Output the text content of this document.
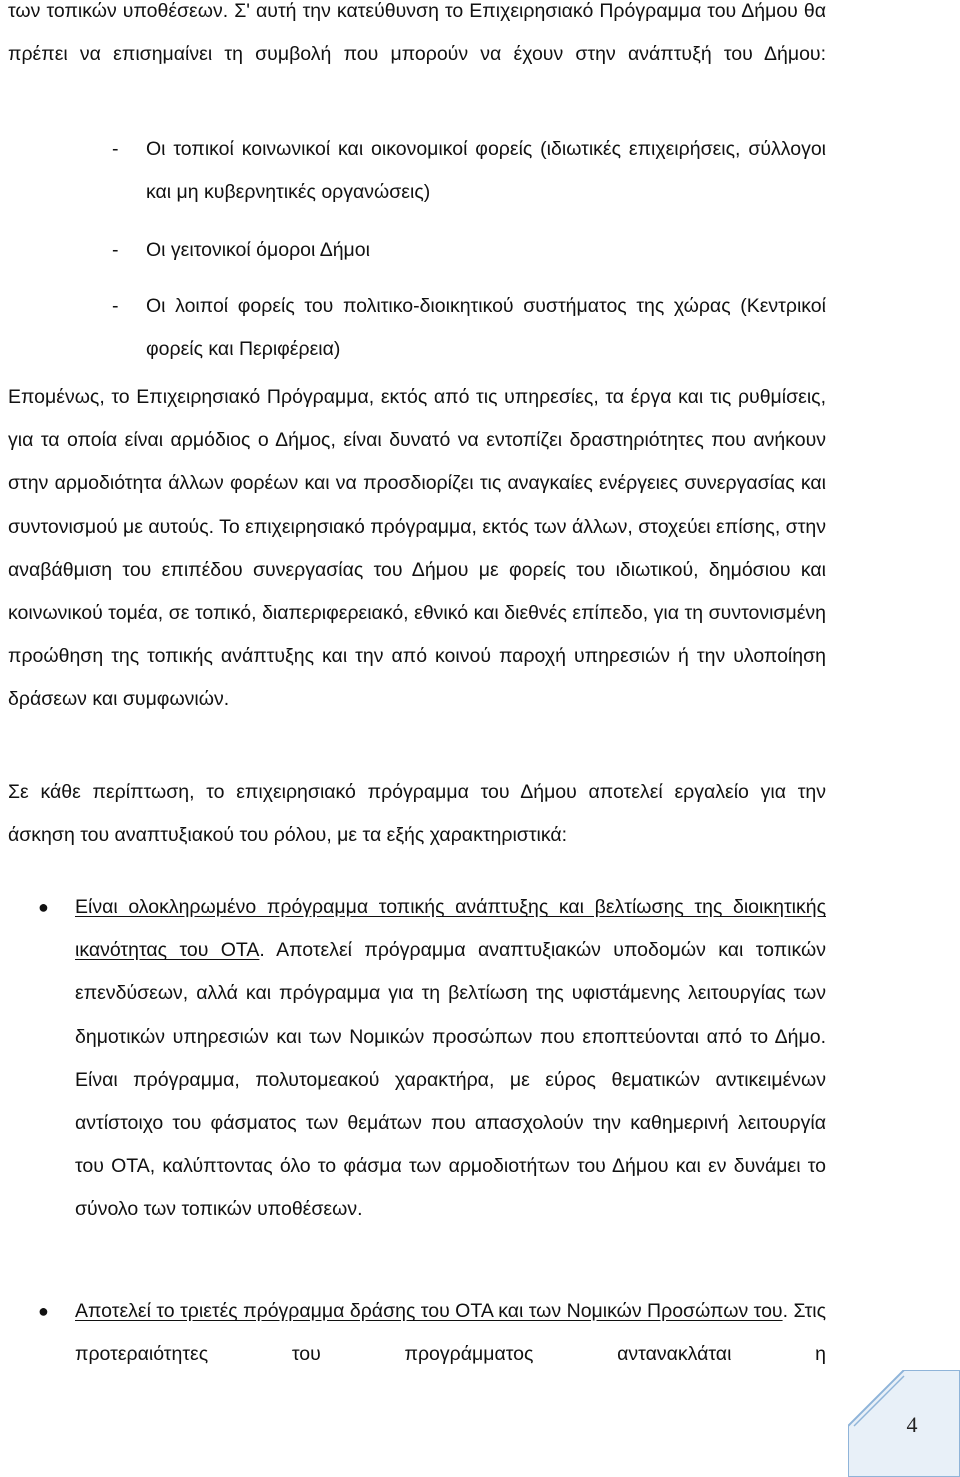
των τοπικών υποθέσεων. Σ' αυτή την κατεύθυνση το Επιχειρησιακό Πρόγραμμα του Δήμου θα πρέπει να επισημαίνει τη συμβολή που μπορούν να έχουν στην ανάπτυξή του Δήμου:
- Οι τοπικοί κοινωνικοί και οικονομικοί φορείς (ιδιωτικές επιχειρήσεις, σύλλογοι και μη κυβερνητικές οργανώσεις)
- Οι γειτονικοί όμοροι Δήμοι
- Οι λοιποί φορείς του πολιτικο-διοικητικού συστήματος της χώρας (Κεντρικοί φορείς και Περιφέρεια)
Επομένως, το Επιχειρησιακό Πρόγραμμα, εκτός από τις υπηρεσίες, τα έργα και τις ρυθμίσεις, για τα οποία είναι αρμόδιος ο Δήμος, είναι δυνατό να εντοπίζει δραστηριότητες που ανήκουν στην αρμοδιότητα άλλων φορέων και να προσδιορίζει τις αναγκαίες ενέργειες συνεργασίας και συντονισμού με αυτούς. Το επιχειρησιακό πρόγραμμα, εκτός των άλλων, στοχεύει επίσης, στην αναβάθμιση του επιπέδου συνεργασίας του Δήμου με φορείς του ιδιωτικού, δημόσιου και κοινωνικού τομέα, σε τοπικό, διαπεριφερειακό, εθνικό και διεθνές επίπεδο, για τη συντονισμένη προώθηση της τοπικής ανάπτυξης και την από κοινού παροχή υπηρεσιών ή την υλοποίηση δράσεων και συμφωνιών.
Σε κάθε περίπτωση, το επιχειρησιακό πρόγραμμα του Δήμου αποτελεί εργαλείο για την άσκηση του αναπτυξιακού του ρόλου, με τα εξής χαρακτηριστικά:
● Είναι ολοκληρωμένο πρόγραμμα τοπικής ανάπτυξης και βελτίωσης της διοικητικής ικανότητας του ΟΤΑ. Αποτελεί πρόγραμμα αναπτυξιακών υποδομών και τοπικών επενδύσεων, αλλά και πρόγραμμα για τη βελτίωση της υφιστάμενης λειτουργίας των δημοτικών υπηρεσιών και των Νομικών προσώπων που εποπτεύονται από το Δήμο. Είναι πρόγραμμα, πολυτομεακού χαρακτήρα, με εύρος θεματικών αντικειμένων αντίστοιχο του φάσματος των θεμάτων που απασχολούν την καθημερινή λειτουργία του ΟΤΑ, καλύπτοντας όλο το φάσμα των αρμοδιοτήτων του Δήμου και εν δυνάμει το σύνολο των τοπικών υποθέσεων.
● Αποτελεί το τριετές πρόγραμμα δράσης του ΟΤΑ και των Νομικών Προσώπων του. Στις προτεραιότητες του προγράμματος αντανακλάται η
4
